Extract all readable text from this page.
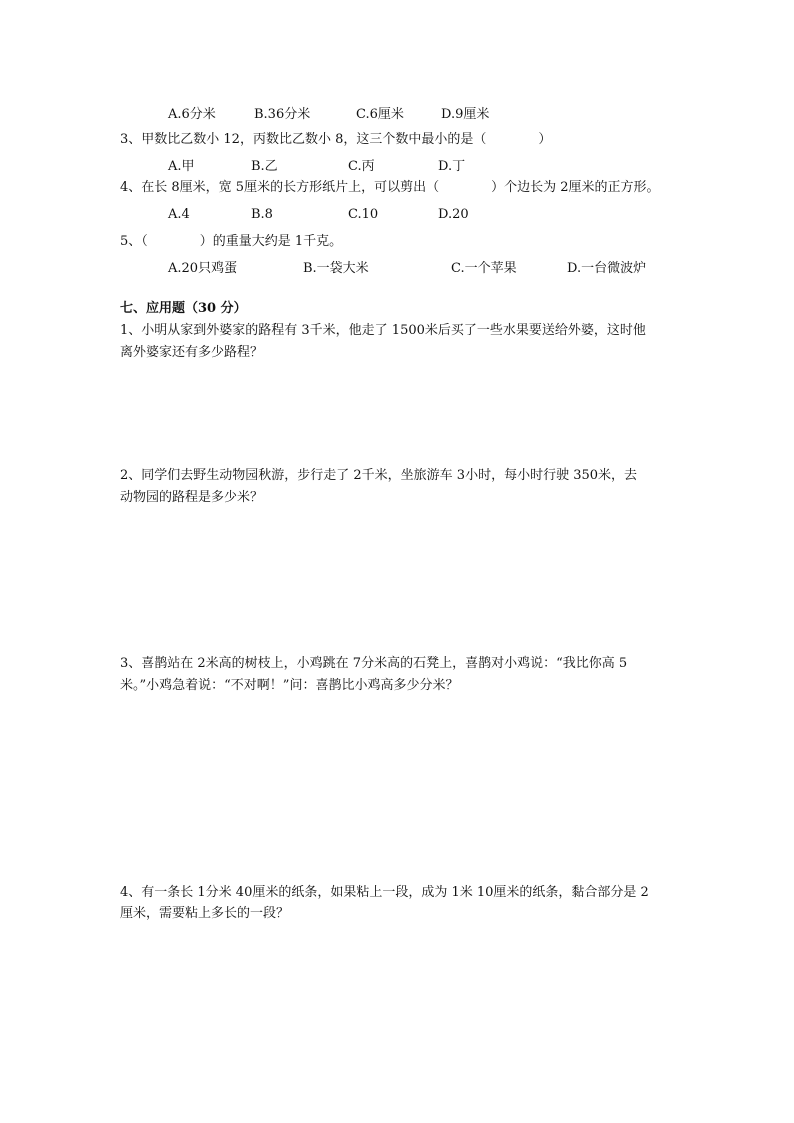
A.6分米	B.36分米	C.6厘米	D.9厘米
3、甲数比乙数小 12，丙数比乙数小 8，这三个数中最小的是（　　　　）
A.甲	B.乙	C.丙	D.丁
4、在长 8厘米，宽 5厘米的长方形纸片上，可以剪出（　　　　）个边长为 2厘米的正方形。
A.4	B.8	C.10	D.20
5、（　　　　）的重量大约是 1千克。
A.20只鸡蛋	B.一袋大米	C.一个苹果	D.一台微波炉
七、应用题（30 分）
1、小明从家到外婆家的路程有 3千米，他走了 1500米后买了一些水果要送给外婆，这时他
离外婆家还有多少路程？
2、同学们去野生动物园秋游，步行走了 2千米，坐旅游车 3小时，每小时行驶 350米，去
动物园的路程是多少米？
3、喜鹊站在 2米高的树枝上，小鸡跳在 7分米高的石凳上，喜鹊对小鸡说：“我比你高 5
米。”小鸡急着说：“不对啊！”问：喜鹊比小鸡高多少分米？
4、有一条长 1分米 40厘米的纸条，如果粘上一段，成为 1米 10厘米的纸条，黏合部分是 2
厘米，需要粘上多长的一段？
